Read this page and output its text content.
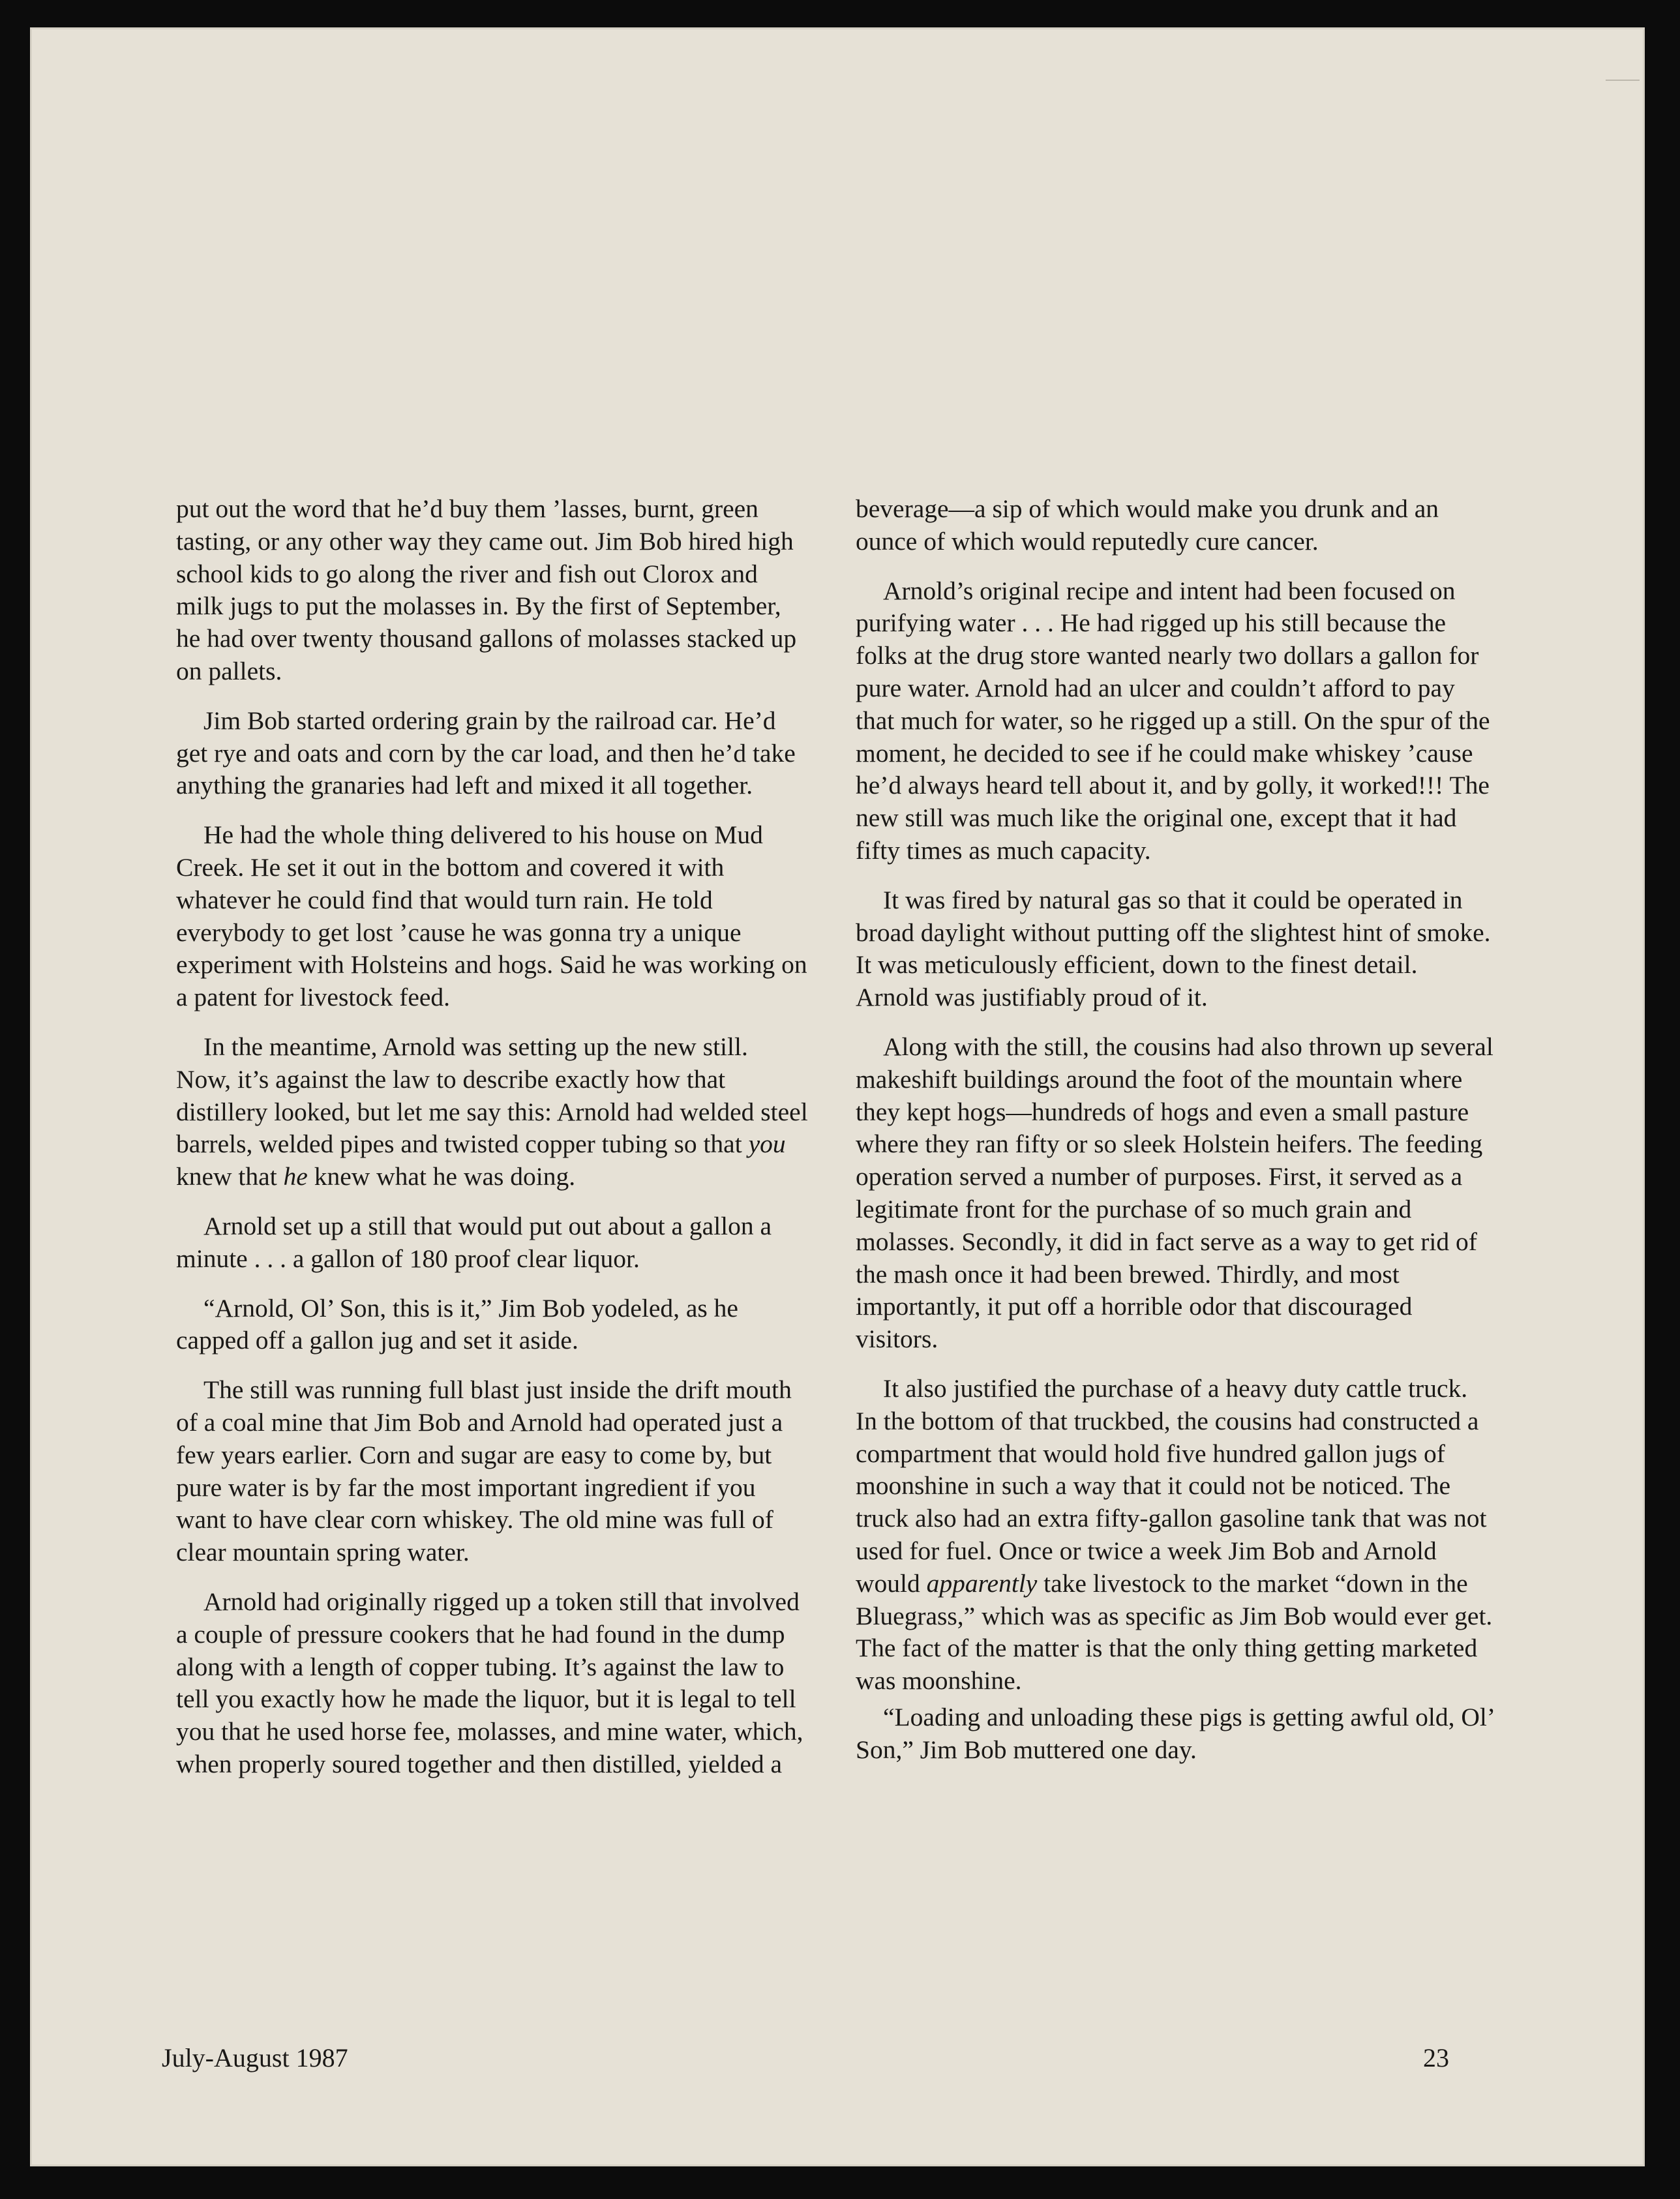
put out the word that he’d buy them ’lasses, burnt, green tasting, or any other way they came out. Jim Bob hired high school kids to go along the river and fish out Clorox and milk jugs to put the molasses in. By the first of September, he had over twenty thousand gallons of molasses stacked up on pallets.

Jim Bob started ordering grain by the railroad car. He’d get rye and oats and corn by the car load, and then he’d take anything the granaries had left and mixed it all together.

He had the whole thing delivered to his house on Mud Creek. He set it out in the bottom and covered it with whatever he could find that would turn rain. He told everybody to get lost ’cause he was gonna try a unique experiment with Holsteins and hogs. Said he was working on a patent for livestock feed.

In the meantime, Arnold was setting up the new still. Now, it’s against the law to describe exactly how that distillery looked, but let me say this: Arnold had welded steel barrels, welded pipes and twisted copper tubing so that you knew that he knew what he was doing.

Arnold set up a still that would put out about a gallon a minute . . . a gallon of 180 proof clear liquor.

“Arnold, Ol’ Son, this is it,” Jim Bob yodeled, as he capped off a gallon jug and set it aside.

The still was running full blast just inside the drift mouth of a coal mine that Jim Bob and Arnold had operated just a few years earlier. Corn and sugar are easy to come by, but pure water is by far the most important ingredient if you want to have clear corn whiskey. The old mine was full of clear mountain spring water.

Arnold had originally rigged up a token still that involved a couple of pressure cookers that he had found in the dump along with a length of copper tubing. It’s against the law to tell you exactly how he made the liquor, but it is legal to tell you that he used horse fee, molasses, and mine water, which, when properly soured together and then distilled, yielded a

beverage—a sip of which would make you drunk and an ounce of which would reputedly cure cancer.

Arnold’s original recipe and intent had been focused on purifying water . . . He had rigged up his still because the folks at the drug store wanted nearly two dollars a gallon for pure water. Arnold had an ulcer and couldn’t afford to pay that much for water, so he rigged up a still. On the spur of the moment, he decided to see if he could make whiskey ’cause he’d always heard tell about it, and by golly, it worked!!! The new still was much like the original one, except that it had fifty times as much capacity.

It was fired by natural gas so that it could be operated in broad daylight without putting off the slightest hint of smoke. It was meticulously efficient, down to the finest detail. Arnold was justifiably proud of it.

Along with the still, the cousins had also thrown up several makeshift buildings around the foot of the mountain where they kept hogs—hundreds of hogs and even a small pasture where they ran fifty or so sleek Holstein heifers. The feeding operation served a number of purposes. First, it served as a legitimate front for the purchase of so much grain and molasses. Secondly, it did in fact serve as a way to get rid of the mash once it had been brewed. Thirdly, and most importantly, it put off a horrible odor that discouraged visitors.

It also justified the purchase of a heavy duty cattle truck. In the bottom of that truckbed, the cousins had constructed a compartment that would hold five hundred gallon jugs of moonshine in such a way that it could not be noticed. The truck also had an extra fifty-gallon gasoline tank that was not used for fuel. Once or twice a week Jim Bob and Arnold would apparently take livestock to the market “down in the Bluegrass,” which was as specific as Jim Bob would ever get. The fact of the matter is that the only thing getting marketed was moonshine.

“Loading and unloading these pigs is getting awful old, Ol’ Son,” Jim Bob muttered one day.

July-August 1987	23
